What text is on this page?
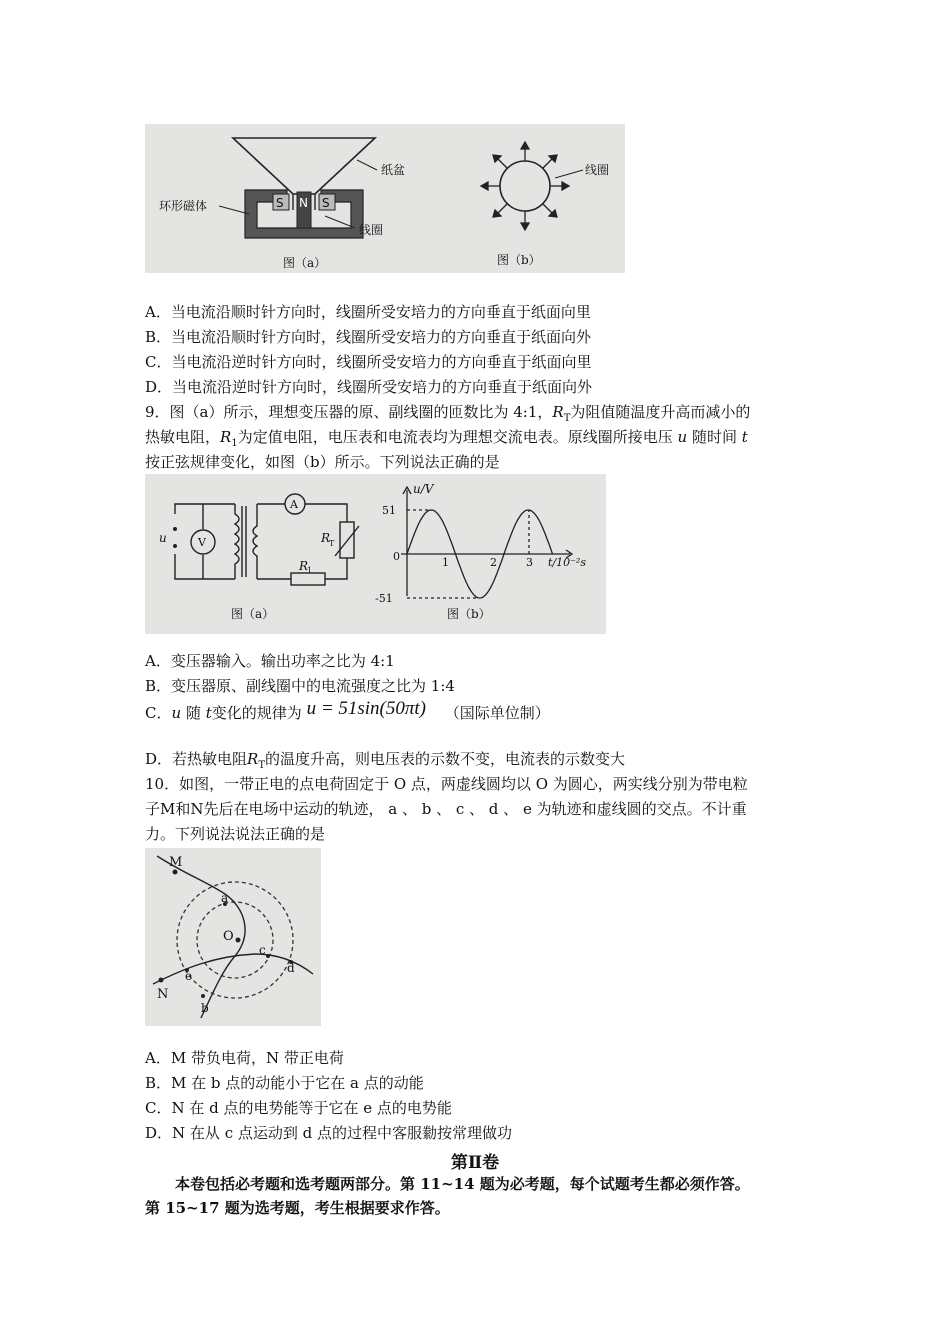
S N S
纸盆
环形磁体
线圈
图（a）
线圈
图（b）
A．当电流沿顺时针方向时，线圈所受安培力的方向垂直于纸面向里
B．当电流沿顺时针方向时，线圈所受安培力的方向垂直于纸面向外
C．当电流沿逆时针方向时，线圈所受安培力的方向垂直于纸面向里
D．当电流沿逆时针方向时，线圈所受安培力的方向垂直于纸面向外
9．图（a）所示，理想变压器的原、副线圈的匝数比为 4:1，$R_T$为阻值随温度升高而减小的
热敏电阻，$R_1$为定值电阻，电压表和电流表均为理想交流电表。原线圈所接电压 u 随时间 t
按正弦规律变化，如图（b）所示。下列说法正确的是
u	V
A
R
T
R
1
图（a）
u/V
51
-51
0	1	2	3 t/10⁻²s
图（b）
A．变压器输入。输出功率之比为 4:1
B．变压器原、副线圈中的电流强度之比为 1:4
C．u 随 t变化的规律为 u = 51sin(50πt) （国际单位制）
D．若热敏电阻$R_T$的温度升高，则电压表的示数不变，电流表的示数变大
10．如图，一带正电的点电荷固定于 O 点，两虚线圆均以 O 为圆心，两实线分别为带电粒
子M和N先后在电场中运动的轨迹， a 、 b 、 c 、 d 、 e 为轨迹和虚线圆的交点。不计重
力。下列说法说法正确的是
M
N
O
a
b
c
d
e
A．M 带负电荷，N 带正电荷
B．M 在 b 点的动能小于它在 a 点的动能
C．N 在 d 点的电势能等于它在 e 点的电势能
D．N 在从 c 点运动到 d 点的过程中客服勬按常理做功
第Ⅱ卷
本卷包括必考题和选考题两部分。第 11~14 题为必考题，每个试题考生都必须作答。
第 15~17 题为选考题，考生根据要求作答。
